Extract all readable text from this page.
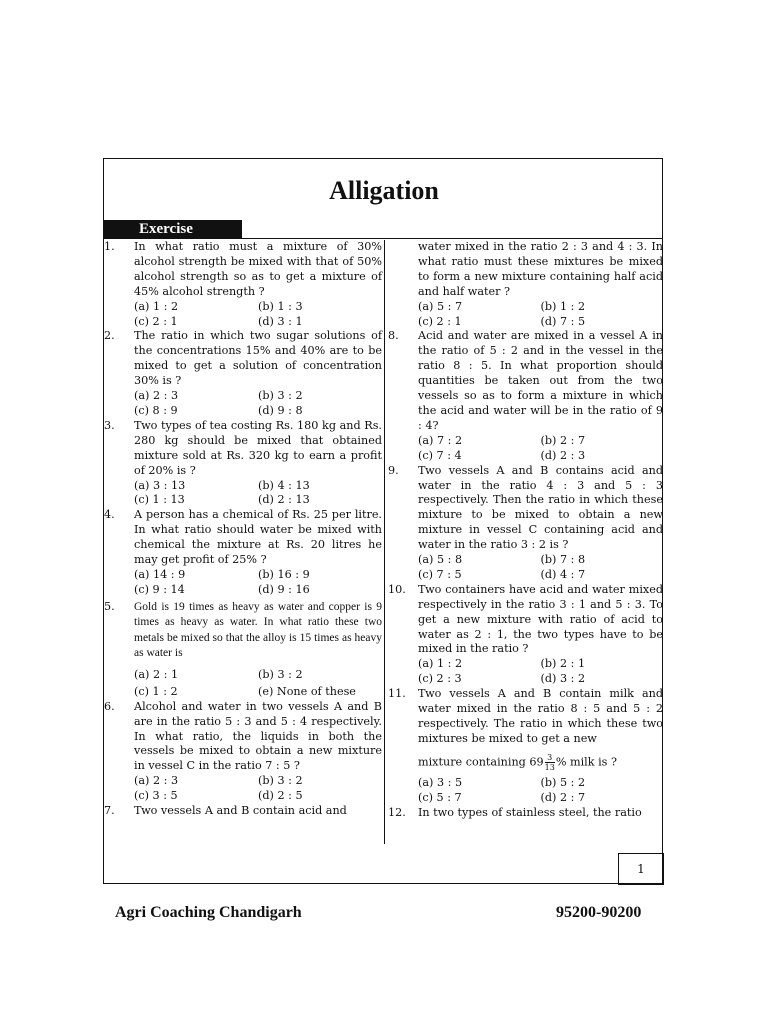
Alligation
Exercise
1.	In what ratio must a mixture of 30% alcohol strength be mixed with that of 50% alcohol strength so as to get a mixture of 45% alcohol strength ?
(a) 1 : 2	(b) 1 : 3
(c) 2 : 1	(d) 3 : 1
2.	The ratio in which two sugar solutions of the concentrations 15% and 40% are to be mixed to get a solution of concentration 30% is ?
(a) 2 : 3	(b) 3 : 2
(c) 8 : 9	(d) 9 : 8
3.	Two types of tea costing Rs. 180 kg and Rs. 280 kg should be mixed that obtained mixture sold at Rs. 320 kg to earn a profit of 20% is ?
(a) 3 : 13	(b) 4 : 13
(c) 1 : 13	(d) 2 : 13
4.	A person has a chemical of Rs. 25 per litre. In what ratio should water be mixed with chemical the mixture at Rs. 20 litres he may get profit of 25% ?
(a) 14 : 9	(b) 16 : 9
(c) 9 : 14	(d) 9 : 16
5.	Gold is 19 times as heavy as water and copper is 9 times as heavy as water. In what ratio these two metals be mixed so that the alloy is 15 times as heavy as water is
(a) 2 : 1	(b) 3 : 2
(c) 1 : 2	(e) None of these
6.	Alcohol and water in two vessels A and B are in the ratio 5 : 3 and 5 : 4 respectively. In what ratio, the liquids in both the vessels be mixed to obtain a new mixture in vessel C in the ratio 7 : 5 ?
(a) 2 : 3	(b) 3 : 2
(c) 3 : 5	(d) 2 : 5
7.	Two vessels A and B contain acid and
water mixed in the ratio 2 : 3 and 4 : 3. In what ratio must these mixtures be mixed to form a new mixture containing half acid and half water ?
(a) 5 : 7	(b) 1 : 2
(c) 2 : 1	(d) 7 : 5
8.	Acid and water are mixed in a vessel A in the ratio of 5 : 2 and in the vessel in the ratio 8 : 5. In what proportion should quantities be taken out from the two vessels so as to form a mixture in which the acid and water will be in the ratio of 9 : 4?
(a) 7 : 2	(b) 2 : 7
(c) 7 : 4	(d) 2 : 3
9.	Two vessels A and B contains acid and water in the ratio 4 : 3 and 5 : 3 respectively. Then the ratio in which these mixture to be mixed to obtain a new mixture in vessel C containing acid and water in the ratio 3 : 2 is ?
(a) 5 : 8	(b) 7 : 8
(c) 7 : 5	(d) 4 : 7
10.	Two containers have acid and water mixed respectively in the ratio 3 : 1 and 5 : 3. To get a new mixture with ratio of acid to water as 2 : 1, the two types have to be mixed in the ratio ?
(a) 1 : 2	(b) 2 : 1
(c) 2 : 3	(d) 3 : 2
11.	Two vessels A and B contain milk and water mixed in the ratio 8 : 5 and 5 : 2 respectively. The ratio in which these two mixtures be mixed to get a new
mixture containing $69 \frac{3}{13}$ % milk is ?
(a) 3 : 5	(b) 5 : 2
(c) 5 : 7	(d) 2 : 7
12.	In two types of stainless steel, the ratio
1
Agri Coaching Chandigarh	95200-90200
